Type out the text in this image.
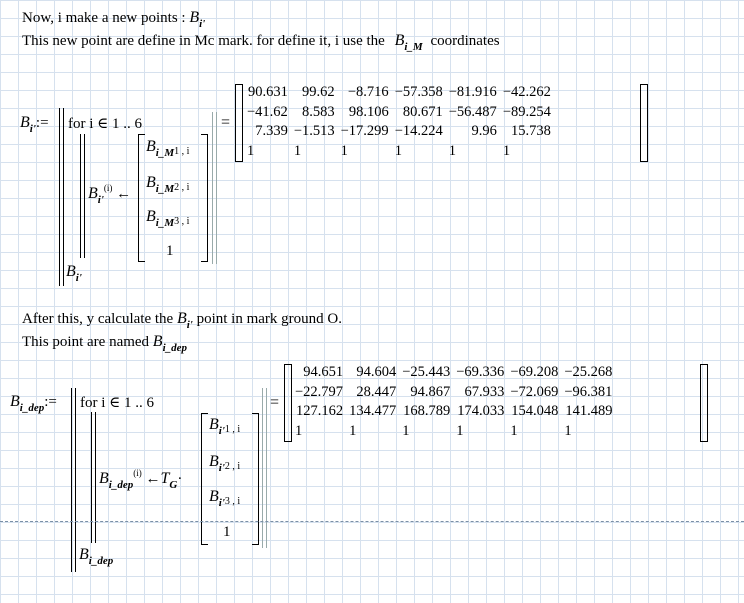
Now, i make a new points : $B_{i'}$
This new point are define in Mc mark. for define it, i use the $B_{i\_M}$ coordinates
$B_{i'}:=$ for i ∈ 1 .. 6
$B_{i'}^{(i)}$ ←
$B_{i\_M1 , i}$
$B_{i\_M2 , i}$
$B_{i\_M3 , i}$
1
$B_{i'}$
=
90.631	99.62	−8.716	−57.358	−81.916	−42.262
−41.62	8.583	98.106	80.671	−56.487	−89.254
7.339	−1.513	−17.299	−14.224	9.96	15.738
1	1	1	1	1	1
After this, y calculate the $B_{i'}$ point in mark ground O.
This point are named $B_{i\_dep}$
$B_{i\_dep}:=$ for i ∈ 1 .. 6
$B_{i\_dep}^{(i)}$ $\leftarrow T_G\cdot$
$B_{i'1 , i}$
$B_{i'2 , i}$
$B_{i'3 , i}$
1
$B_{i\_dep}$
=
94.651	94.604	−25.443	−69.336	−69.208	−25.268
−22.797	28.447	94.867	67.933	−72.069	−96.381
127.162	134.477	168.789	174.033	154.048	141.489
1	1	1	1	1	1
